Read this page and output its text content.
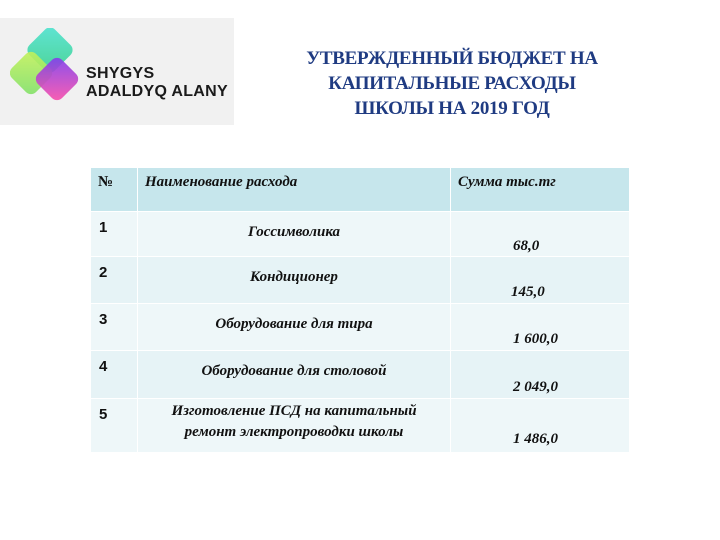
SHYGYS
ADALDYQ ALANY
УТВЕРЖДЕННЫЙ БЮДЖЕТ НА
КАПИТАЛЬНЫЕ РАСХОДЫ
ШКОЛЫ НА 2019 ГОД
№	Наименование расхода	Сумма тыс.тг
1	Госсимволика	68,0

2	Кондиционер	145,0

3	Оборудование для тира	1 600,0

4	Оборудование для столовой	2 049,0

5	Изготовление ПСД на капитальный ремонт электропроводки школы	1 486,0
